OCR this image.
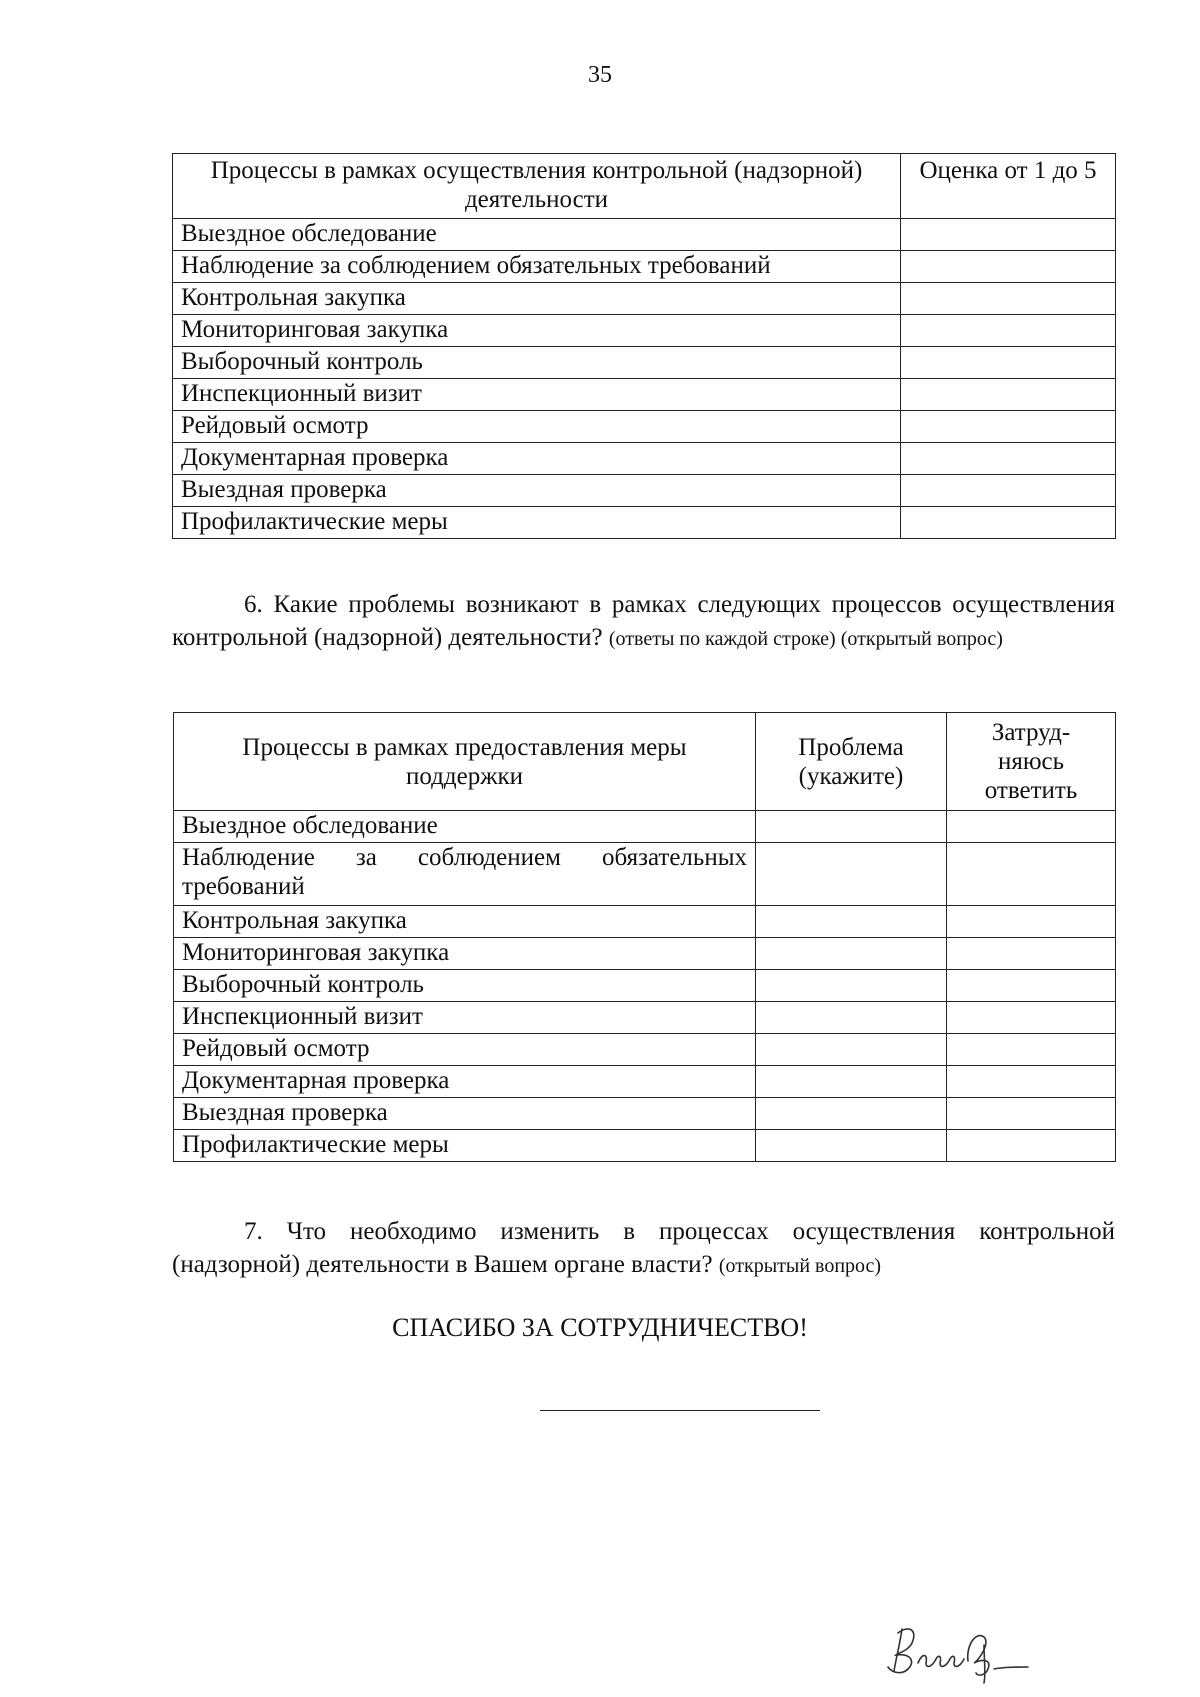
35
Процессы в рамках осуществления контрольной (надзорной) деятельности	Оценка от 1 до 5
Выездное обследование	
Наблюдение за соблюдением обязательных требований	
Контрольная закупка	
Мониторинговая закупка	
Выборочный контроль	
Инспекционный визит	
Рейдовый осмотр	
Документарная проверка	
Выездная проверка	
Профилактические меры	
6. Какие проблемы возникают в рамках следующих процессов осуществления контрольной (надзорной) деятельности? (ответы по каждой строке) (открытый вопрос)
Процессы в рамках предоставления меры поддержки	Проблема (укажите)	Затруд-няюсь ответить
Выездное обследование		
Наблюдение за соблюдением обязательных требований		
Контрольная закупка		
Мониторинговая закупка		
Выборочный контроль		
Инспекционный визит		
Рейдовый осмотр		
Документарная проверка		
Выездная проверка		
Профилактические меры		
7. Что необходимо изменить в процессах осуществления контрольной (надзорной) деятельности в Вашем органе власти? (открытый вопрос)
СПАСИБО ЗА СОТРУДНИЧЕСТВО!
